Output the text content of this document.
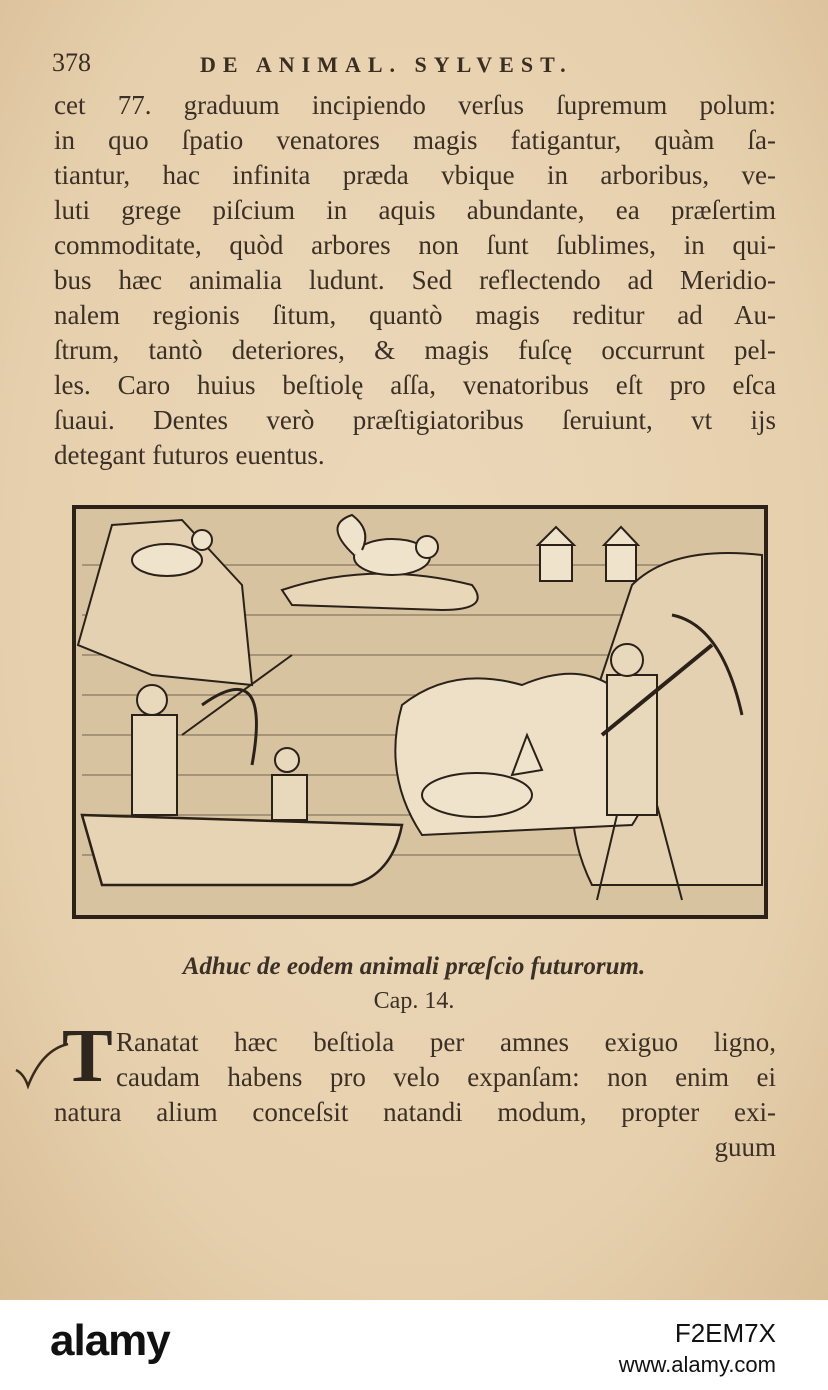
378	DE ANIMAL. SYLVEST.
cet 77. graduum incipiendo verſus ſupremum polum:
in quo ſpatio venatores magis fatigantur, quàm ſa-
tiantur, hac infinita præda vbique in arboribus, ve-
luti grege piſcium in aquis abundante, ea præſertim
commoditate, quòd arbores non ſunt ſublimes, in qui-
bus hæc animalia ludunt. Sed reflectendo ad Meridio-
nalem regionis ſitum, quantò magis reditur ad Au-
ſtrum, tantò deteriores, & magis fuſcę occurrunt pel-
les. Caro huius beſtiolę aſſa, venatoribus eſt pro eſca
ſuaui. Dentes verò præſtigiatoribus ſeruiunt, vt ijs
detegant futuros euentus.
Adhuc de eodem animali præſcio futurorum.
Cap. 14.
T Ranatat hæc beſtiola per amnes exiguo ligno,
caudam habens pro velo expanſam: non enim ei
natura alium conceſsit natandi modum, propter exi-
guum
alamy	F2EM7X
www.alamy.com
